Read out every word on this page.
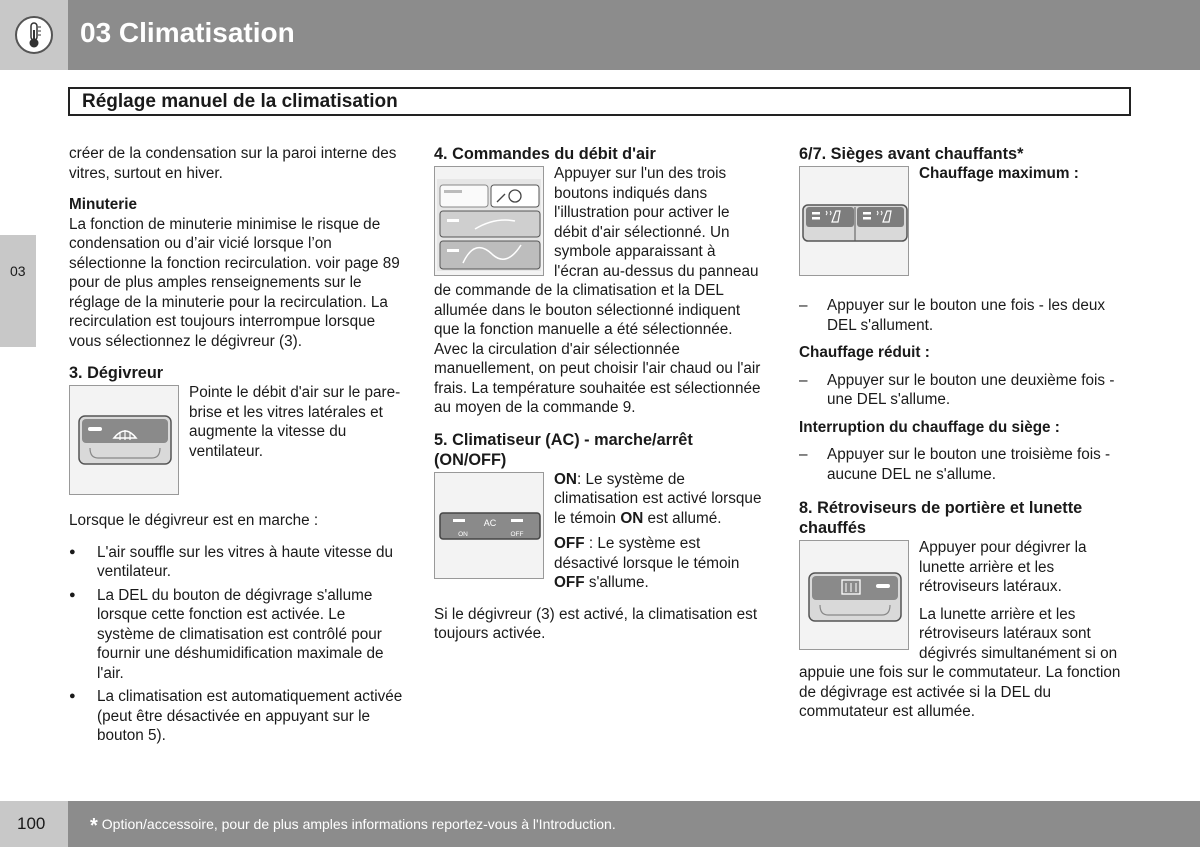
03 Climatisation
Réglage manuel de la climatisation
03

créer de la condensation sur la paroi interne des vitres, surtout en hiver.

Minuterie

La fonction de minuterie minimise le risque de condensation ou d’air vicié lorsque l’on sélectionne la fonction recirculation. voir page 89 pour de plus amples renseignements sur le réglage de la minuterie pour la recirculation. La recirculation est toujours interrompue lorsque vous sélectionnez le dégivreur (3).

3. Dégivreur

Pointe le débit d'air sur le pare-brise et les vitres latérales et augmente la vitesse du ventilateur.

Lorsque le dégivreur est en marche :

● L'air souffle sur les vitres à haute vitesse du ventilateur.
● La DEL du bouton de dégivrage s'allume lorsque cette fonction est activée. Le système de climatisation est contrôlé pour fournir une déshumidification maximale de l'air.
● La climatisation est automatiquement activée (peut être désactivée en appuyant sur le bouton 5).
4. Commandes du débit d'air

Appuyer sur l'un des trois boutons indiqués dans l'illustration pour activer le débit d'air sélectionné. Un symbole apparaissant à l'écran au-dessus du panneau de commande de la climatisation et la DEL allumée dans le bouton sélectionné indiquent que la fonction manuelle a été sélectionnée. Avec la circulation d'air sélectionnée manuellement, on peut choisir l'air chaud ou l'air frais. La température souhaitée est sélectionnée au moyen de la commande 9.

5. Climatiseur (AC) - marche/arrêt (ON/OFF)
AC
ON	OFF

ON: Le système de climatisation est activé lorsque le témoin ON est allumé.

OFF : Le système est désactivé lorsque le témoin OFF s'allume.

Si le dégivreur (3) est activé, la climatisation est toujours activée.

6/7. Sièges avant chauffants*
Chauffage maximum :
– Appuyer sur le bouton une fois - les deux DEL s'allument.
Chauffage réduit :
– Appuyer sur le bouton une deuxième fois - une DEL s'allume.
Interruption du chauffage du siège :
– Appuyer sur le bouton une troisième fois - aucune DEL ne s'allume.
8. Rétroviseurs de portière et lunette chauffés

Appuyer pour dégivrer la lunette arrière et les rétroviseurs latéraux.

La lunette arrière et les rétroviseurs latéraux sont dégivrés simultanément si on appuie une fois sur le commutateur. La fonction de dégivrage est activée si la DEL du commutateur est allumée.

100 * Option/accessoire, pour de plus amples informations reportez-vous à l'Introduction.
